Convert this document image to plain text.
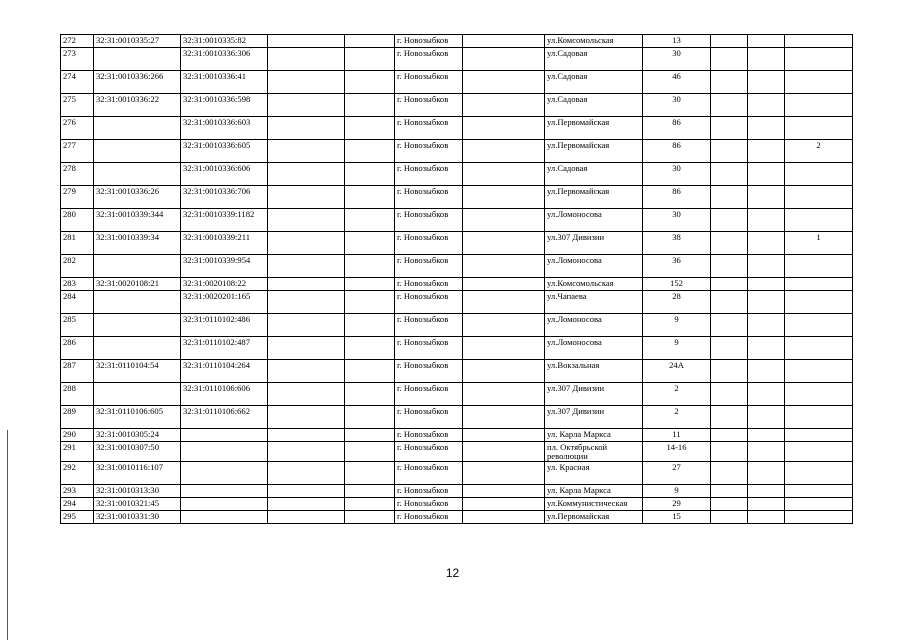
272	32:31:0010335:27	32:31:0010335:82			г. Новозыбков		ул.Комсомольская	13			
273		32:31:0010336:306			г. Новозыбков		ул.Садовая	30			
274	32:31:0010336:266	32:31:0010336:41			г. Новозыбков		ул.Садовая	46			
275	32:31:0010336:22	32:31:0010336:598			г. Новозыбков		ул.Садовая	30			
276		32:31:0010336:603			г. Новозыбков		ул.Первомайская	86			
277		32:31:0010336:605			г. Новозыбков		ул.Первомайская	86			2
278		32:31:0010336:606			г. Новозыбков		ул.Садовая	30			
279	32:31:0010336:26	32:31:0010336:706			г. Новозыбков		ул.Первомайская	86			
280	32:31:0010339:344	32:31:0010339:1182			г. Новозыбков		ул.Ломоносова	30			
281	32:31:0010339:34	32:31:0010339:211			г. Новозыбков		ул.307 Дивизии	38			1
282		32:31:0010339:954			г. Новозыбков		ул.Ломоносова	36			
283	32:31:0020108:21	32:31:0020108:22			г. Новозыбков		ул.Комсомольская	152			
284		32:31:0020201:165			г. Новозыбков		ул.Чапаева	28			
285		32:31:0110102:486			г. Новозыбков		ул.Ломоносова	9			
286		32:31:0110102:487			г. Новозыбков		ул.Ломоносова	9			
287	32:31:0110104:54	32:31:0110104:264			г. Новозыбков		ул.Вокзальная	24А			
288		32:31:0110106:606			г. Новозыбков		ул.307 Дивизии	2			
289	32:31:0110106:605	32:31:0110106:662			г. Новозыбков		ул.307 Дивизии	2			
290	32:31:0010305:24				г. Новозыбков		ул. Карла Маркса	11			
291	32:31:0010307:50				г. Новозыбков		пл. Октябрьской революции	14-16			
292	32:31:0010116:107				г. Новозыбков		ул. Красная	27			
293	32:31:0010313:30				г. Новозыбков		ул. Карла Маркса	9			
294	32:31:0010321:45				г. Новозыбков		ул.Коммунистическая	29			
295	32:31:0010331:30				г. Новозыбков		ул.Первомайская	15			
12
